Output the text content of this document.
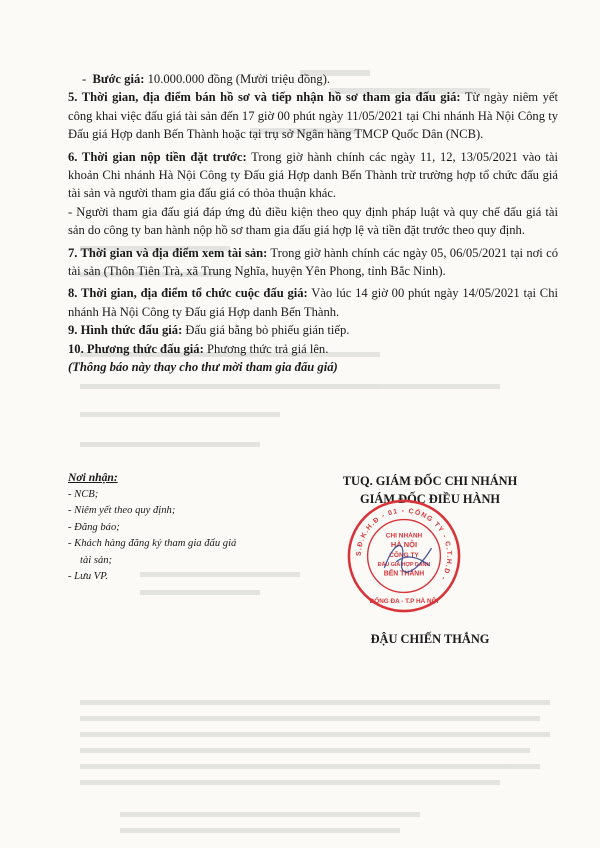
-  Bước giá: 10.000.000 đồng (Mười triệu đồng).

5. Thời gian, địa điểm bán hồ sơ và tiếp nhận hồ sơ tham gia đấu giá: Từ ngày niêm yết công khai việc đấu giá tài sản đến 17 giờ 00 phút ngày 11/05/2021 tại Chi nhánh Hà Nội Công ty Đấu giá Hợp danh Bến Thành hoặc tại trụ sở Ngân hàng TMCP Quốc Dân (NCB).

6. Thời gian nộp tiền đặt trước: Trong giờ hành chính các ngày 11, 12, 13/05/2021 vào tài khoản Chi nhánh Hà Nội Công ty Đấu giá Hợp danh Bến Thành trừ trường hợp tổ chức đấu giá tài sản và người tham gia đấu giá có thỏa thuận khác.

- Người tham gia đấu giá đáp ứng đủ điều kiện theo quy định pháp luật và quy chế đấu giá tài sản do công ty ban hành nộp hồ sơ tham gia đấu giá hợp lệ và tiền đặt trước theo quy định.

7. Thời gian và địa điểm xem tài sản: Trong giờ hành chính các ngày 05, 06/05/2021 tại nơi có tài sản (Thôn Tiên Trà, xã Trung Nghĩa, huyện Yên Phong, tỉnh Bắc Ninh).

8. Thời gian, địa điểm tổ chức cuộc đấu giá: Vào lúc 14 giờ 00 phút ngày 14/05/2021 tại Chi nhánh Hà Nội Công ty Đấu giá Hợp danh Bến Thành.

9. Hình thức đấu giá: Đấu giá bằng bỏ phiếu gián tiếp.

10. Phương thức đấu giá: Phương thức trả giá lên.

(Thông báo này thay cho thư mời tham gia đấu giá)

Nơi nhận:
- NCB;
- Niêm yết theo quy định;
- Đăng báo;
- Khách hàng đăng ký tham gia đấu giá
tài sản;
- Lưu VP.
TUQ. GIÁM ĐỐC CHI NHÁNH
GIÁM ĐỐC ĐIỀU HÀNH
S.Đ.K.H.Đ - 01 - CÔNG TY - C.T.H.D -
ĐỐNG ĐA - T.P HÀ NỘI
CHI NHÁNH
HÀ NỘI
CÔNG TY
ĐẤU GIÁ HỢP DANH
BẾN THÀNH
ĐẬU CHIẾN THẮNG
